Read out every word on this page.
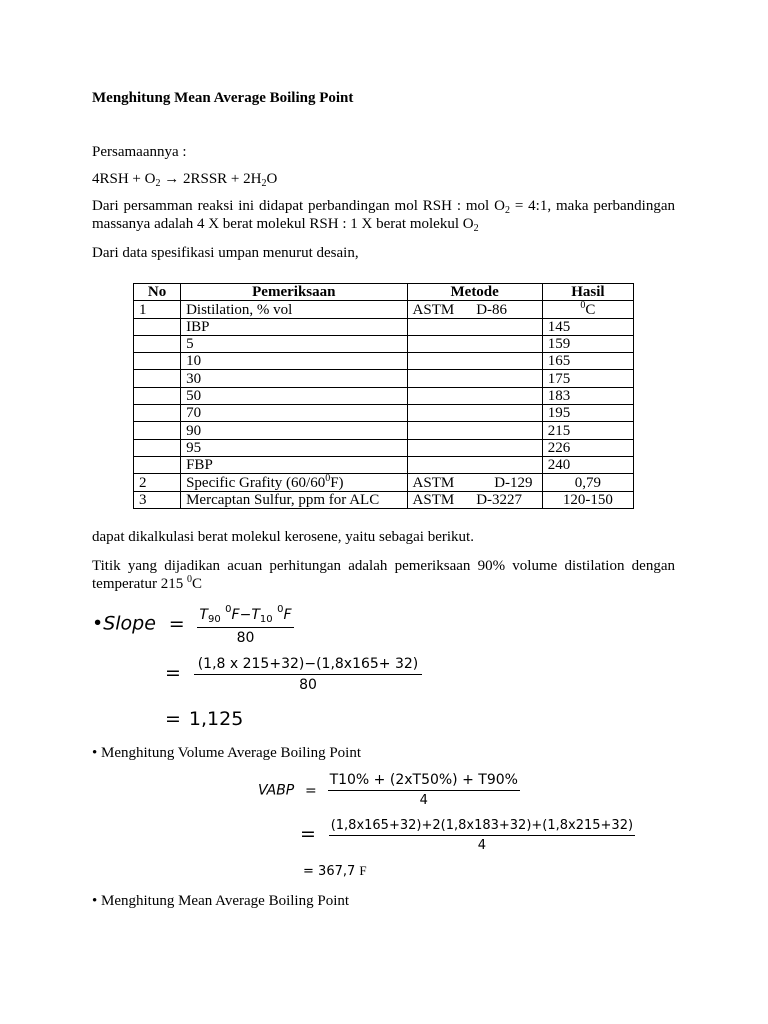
Menghitung Mean Average Boiling Point
Persamaannya :
$4RSH + O_2$ → 2RSSR + $2H_2O$
Dari persamman reaksi ini didapat perbandingan mol RSH : mol $O_2$ = 4:1, maka perbandingan massanya adalah 4 X berat molekul RSH : 1 X berat molekul $O_2$
Dari data spesifikasi umpan menurut desain,
No	Pemeriksaan	Metode	Hasil
1	Distilation, % vol	ASTM D-86	$^0$C
	IBP		145
	5		159
	10		165
	30		175
	50		183
	70		195
	90		215
	95		226
	FBP		240
2	Specific Grafity $(60/60^0F)$	ASTM D-129	0,79
3	Mercaptan Sulfur, ppm for ALC	ASTM D-3227	120-150
dapat dikalkulasi berat molekul kerosene, yaitu sebagai berikut.
Titik yang dijadikan acuan perhitungan adalah pemeriksaan 90% volume distilation dengan temperatur 215 $^0$C
•Slope = $\frac{T_{90} ^0F-T_{10} ^0F}{80}$
= $\frac{(1,8 x 215+32)-(1,8x165+ 32)}{80}$
= 1,125
• Menghitung Volume Average Boiling Point
VABP = $\frac{T10\% + (2xT50\%) + T90\%}{4}$
= $\frac{(1,8x165+32)+2(1,8x183+32)+(1,8x215+32)}{4}$
= 367,7 F
• Menghitung Mean Average Boiling Point
